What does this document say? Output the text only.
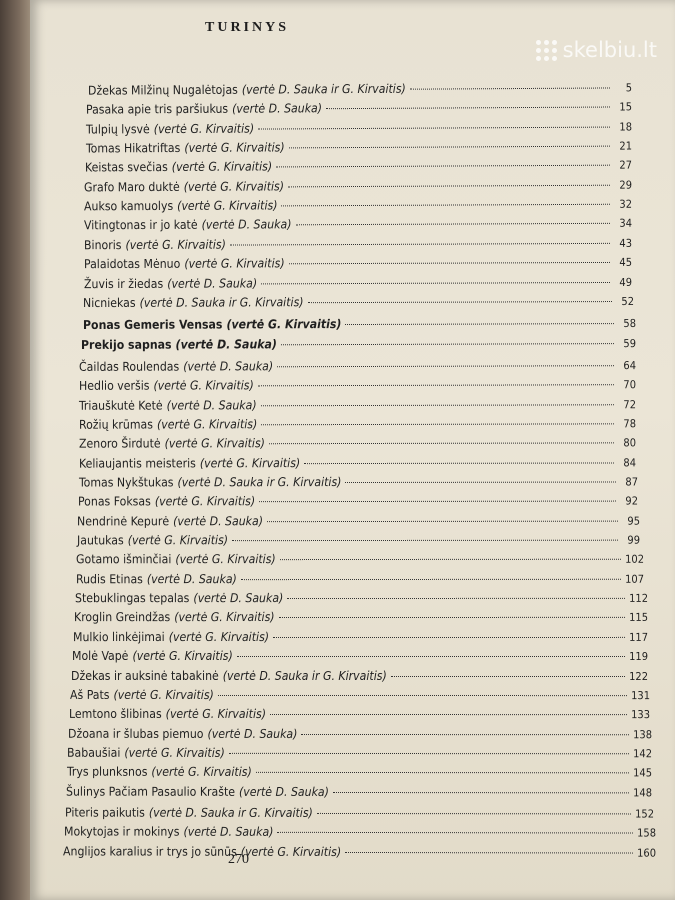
TURINYS
skelbiu.lt
Džekas Milžinų Nugalėtojas (vertė D. Sauka ir G. Kirvaitis)	5
Pasaka apie tris paršiukus (vertė D. Sauka)	15
Tulpių lysvė (vertė G. Kirvaitis)	18
Tomas Hikatriftas (vertė G. Kirvaitis)	21
Keistas svečias (vertė G. Kirvaitis)	27
Grafo Maro duktė (vertė G. Kirvaitis)	29
Aukso kamuolys (vertė G. Kirvaitis)	32
Vitingtonas ir jo katė (vertė D. Sauka)	34
Binoris (vertė G. Kirvaitis)	43
Palaidotas Mėnuo (vertė G. Kirvaitis)	45
Žuvis ir žiedas (vertė D. Sauka)	49
Nicniekas (vertė D. Sauka ir G. Kirvaitis)	52
Ponas Gemeris Vensas (vertė G. Kirvaitis)	58
Prekijo sapnas (vertė D. Sauka)	59
Čaildas Roulendas (vertė D. Sauka)	64
Hedlio veršis (vertė G. Kirvaitis)	70
Triauškutė Ketė (vertė D. Sauka)	72
Rožių krūmas (vertė G. Kirvaitis)	78
Zenoro Širdutė (vertė G. Kirvaitis)	80
Keliaujantis meisteris (vertė G. Kirvaitis)	84
Tomas Nykštukas (vertė D. Sauka ir G. Kirvaitis)	87
Ponas Foksas (vertė G. Kirvaitis)	92
Nendrinė Kepurė (vertė D. Sauka)	95
Jautukas (vertė G. Kirvaitis)	99
Gotamo išminčiai (vertė G. Kirvaitis)	102
Rudis Etinas (vertė D. Sauka)	107
Stebuklingas tepalas (vertė D. Sauka)	112
Kroglin Greindžas (vertė G. Kirvaitis)	115
Mulkio linkėjimai (vertė G. Kirvaitis)	117
Molė Vapė (vertė G. Kirvaitis)	119
Džekas ir auksinė tabakinė (vertė D. Sauka ir G. Kirvaitis)	122
Aš Pats (vertė G. Kirvaitis)	131
Lemtono šlibinas (vertė G. Kirvaitis)	133
Džoana ir šlubas piemuo (vertė D. Sauka)	138
Babaušiai (vertė G. Kirvaitis)	142
Trys plunksnos (vertė G. Kirvaitis)	145
Šulinys Pačiam Pasaulio Krašte (vertė D. Sauka)	148
Piteris paikutis (vertė D. Sauka ir G. Kirvaitis)	152
Mokytojas ir mokinys (vertė D. Sauka)	158
Anglijos karalius ir trys jo sūnūs (vertė G. Kirvaitis)	160
270
